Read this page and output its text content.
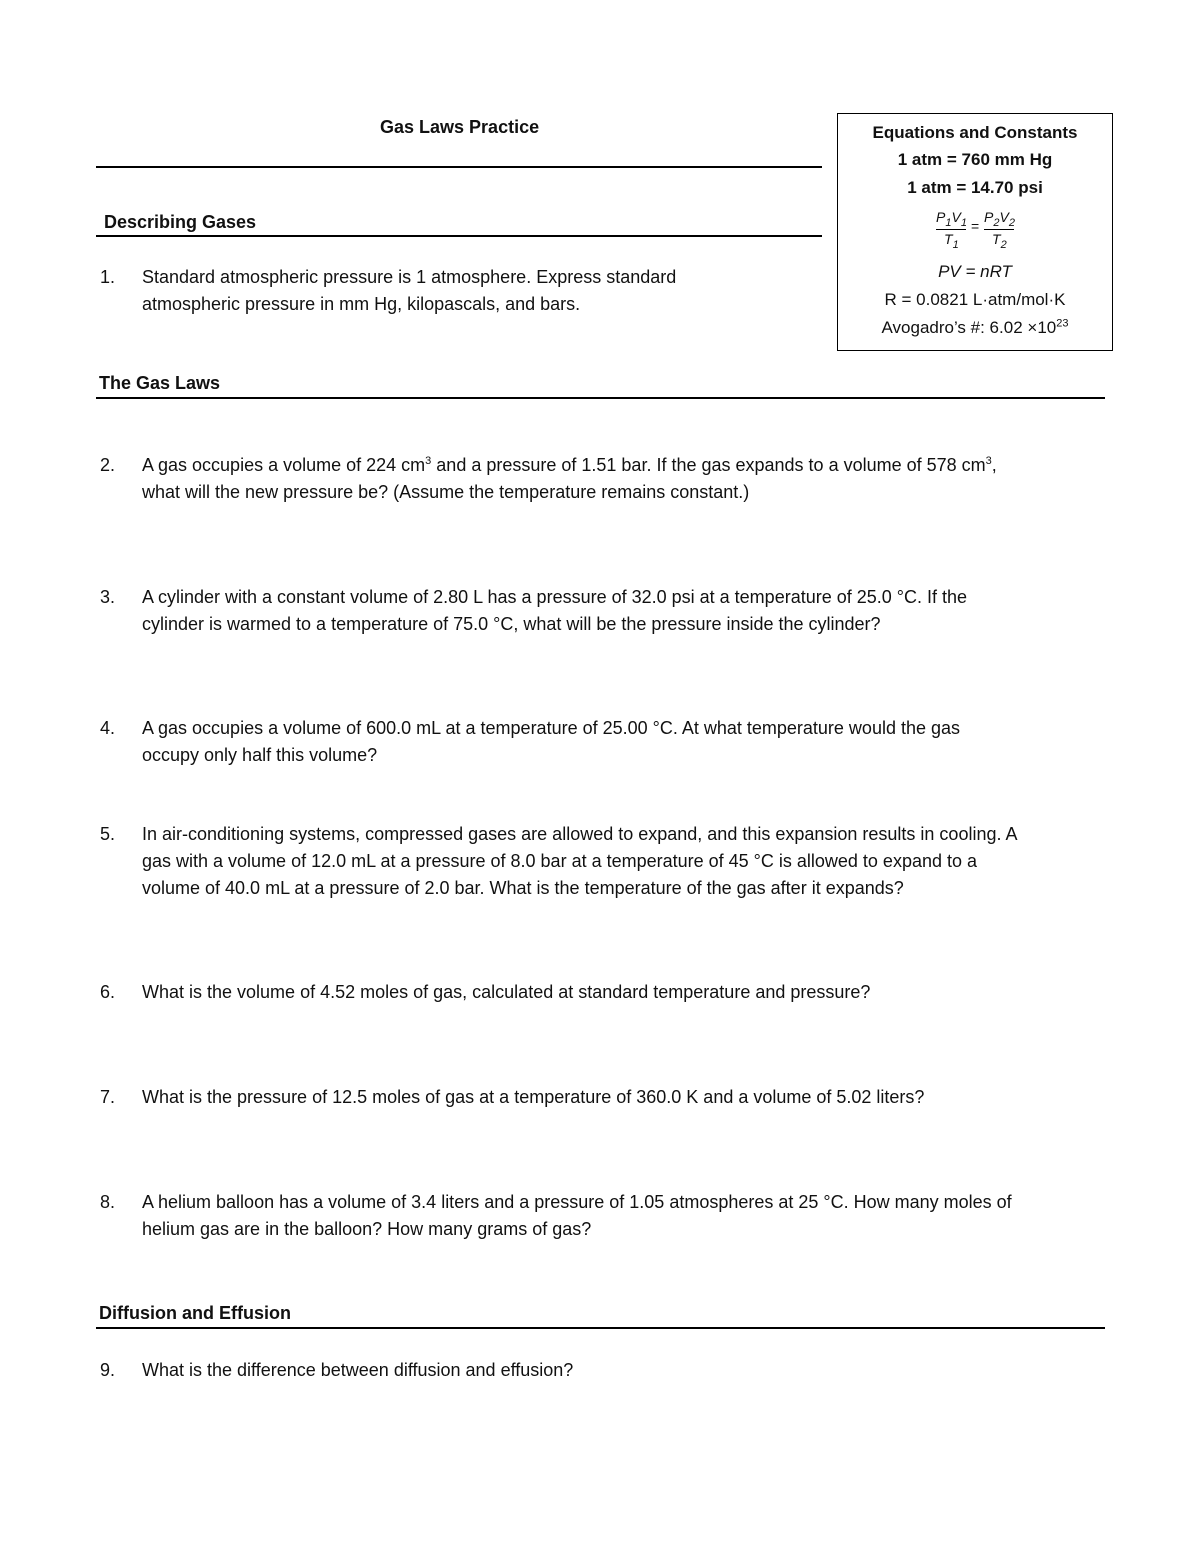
Gas Laws Practice	Equations and Constants
1 atm = 760 mm Hg
1 atm = 14.70 psi
$P_1V_1$
$T_1$
=
$P_2V_2$
$T_2$
PV = nRT
R = 0.0821 L·atm/mol·K
Avogadro’s #: $6.02 \times 10^{23}$
Describing Gases
1. Standard atmospheric pressure is 1 atmosphere. Express standard
atmospheric pressure in mm Hg, kilopascals, and bars.
The Gas Laws
2. A gas occupies a volume of 224 $cm^3$ and a pressure of 1.51 bar. If the gas expands to a volume of 578 $cm^3$,
what will the new pressure be? (Assume the temperature remains constant.)
3. A cylinder with a constant volume of 2.80 L has a pressure of 32.0 psi at a temperature of 25.0 °C. If the
cylinder is warmed to a temperature of 75.0 °C, what will be the pressure inside the cylinder?
4. A gas occupies a volume of 600.0 mL at a temperature of 25.00 °C. At what temperature would the gas
occupy only half this volume?
5. In air-conditioning systems, compressed gases are allowed to expand, and this expansion results in cooling. A
gas with a volume of 12.0 mL at a pressure of 8.0 bar at a temperature of 45 °C is allowed to expand to a
volume of 40.0 mL at a pressure of 2.0 bar. What is the temperature of the gas after it expands?
6. What is the volume of 4.52 moles of gas, calculated at standard temperature and pressure?
7. What is the pressure of 12.5 moles of gas at a temperature of 360.0 K and a volume of 5.02 liters?
8. A helium balloon has a volume of 3.4 liters and a pressure of 1.05 atmospheres at 25 °C. How many moles of
helium gas are in the balloon? How many grams of gas?
Diffusion and Effusion
9. What is the difference between diffusion and effusion?
